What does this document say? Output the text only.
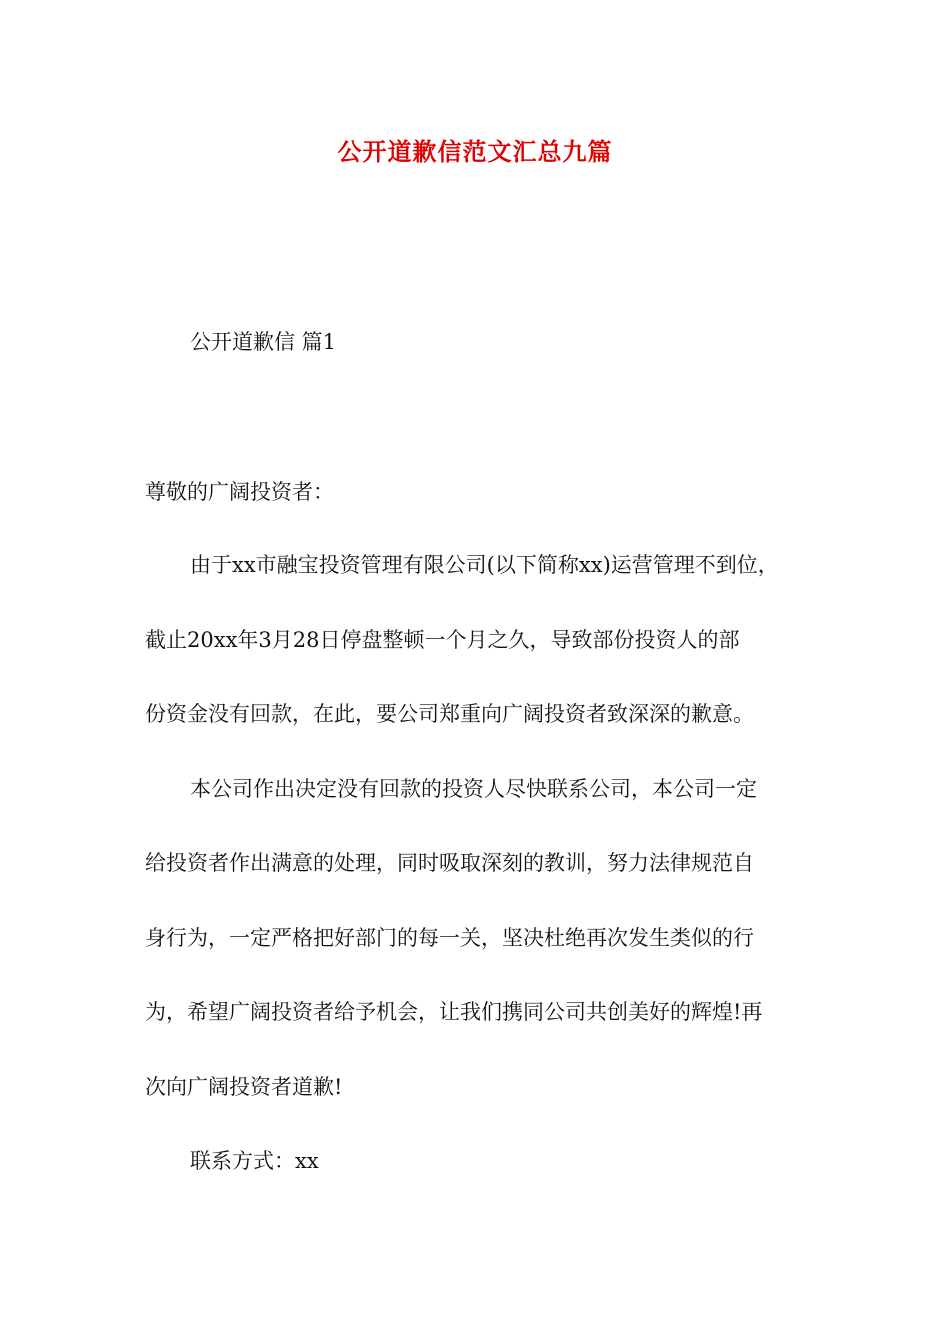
公开道歉信范文汇总九篇
公开道歉信 篇1
尊敬的广阔投资者：
由于xx市融宝投资管理有限公司(以下简称xx)运营管理不到位，
截止20xx年3月28日停盘整顿一个月之久，导致部份投资人的部
份资金没有回款，在此，要公司郑重向广阔投资者致深深的歉意。
本公司作出决定没有回款的投资人尽快联系公司，本公司一定
给投资者作出满意的处理，同时吸取深刻的教训，努力法律规范自
身行为，一定严格把好部门的每一关，坚决杜绝再次发生类似的行
为，希望广阔投资者给予机会，让我们携同公司共创美好的辉煌!再
次向广阔投资者道歉!
联系方式：xx
